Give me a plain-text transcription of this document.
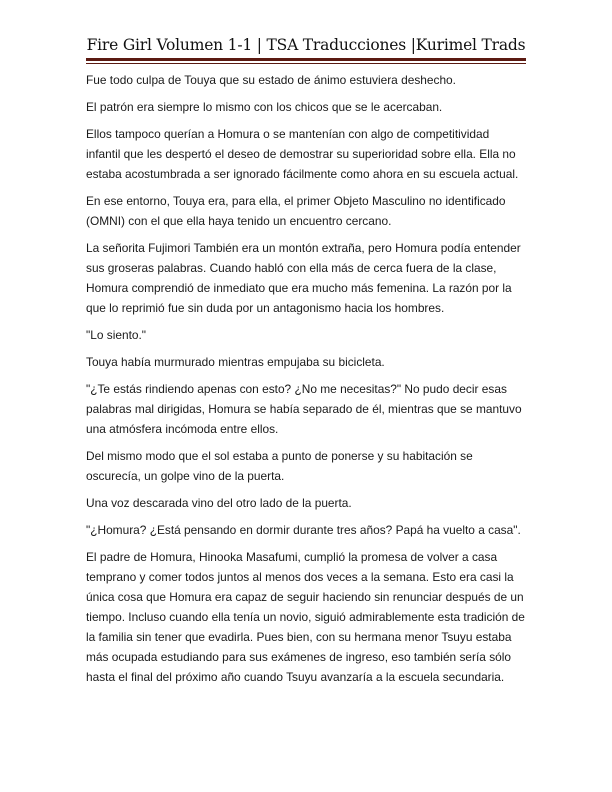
Fire Girl Volumen 1-1 | TSA Traducciones |Kurimel Trads

Fue todo culpa de Touya que su estado de ánimo estuviera deshecho.

El patrón era siempre lo mismo con los chicos que se le acercaban.

Ellos tampoco querían a Homura o se mantenían con algo de competitividad infantil que les despertó el deseo de demostrar su superioridad sobre ella. Ella no estaba acostumbrada a ser ignorado fácilmente como ahora en su escuela actual.

En ese entorno, Touya era, para ella, el primer Objeto Masculino no identificado (OMNI) con el que ella haya tenido un encuentro cercano.

La señorita Fujimori También era un montón extraña, pero Homura podía entender sus groseras palabras. Cuando habló con ella más de cerca fuera de la clase, Homura comprendió de inmediato que era mucho más femenina. La razón por la que lo reprimió fue sin duda por un antagonismo hacia los hombres.

"Lo siento."

Touya había murmurado mientras empujaba su bicicleta.

"¿Te estás rindiendo apenas con esto? ¿No me necesitas?" No pudo decir esas palabras mal dirigidas, Homura se había separado de él, mientras que se mantuvo una atmósfera incómoda entre ellos.

Del mismo modo que el sol estaba a punto de ponerse y su habitación se oscurecía, un golpe vino de la puerta.

Una voz descarada vino del otro lado de la puerta.

"¿Homura? ¿Está pensando en dormir durante tres años? Papá ha vuelto a casa".

El padre de Homura, Hinooka Masafumi, cumplió la promesa de volver a casa temprano y comer todos juntos al menos dos veces a la semana. Esto era casi la única cosa que Homura era capaz de seguir haciendo sin renunciar después de un tiempo. Incluso cuando ella tenía un novio, siguió admirablemente esta tradición de la familia sin tener que evadirla. Pues bien, con su hermana menor Tsuyu estaba más ocupada estudiando para sus exámenes de ingreso, eso también sería sólo hasta el final del próximo año cuando Tsuyu avanzaría a la escuela secundaria.
